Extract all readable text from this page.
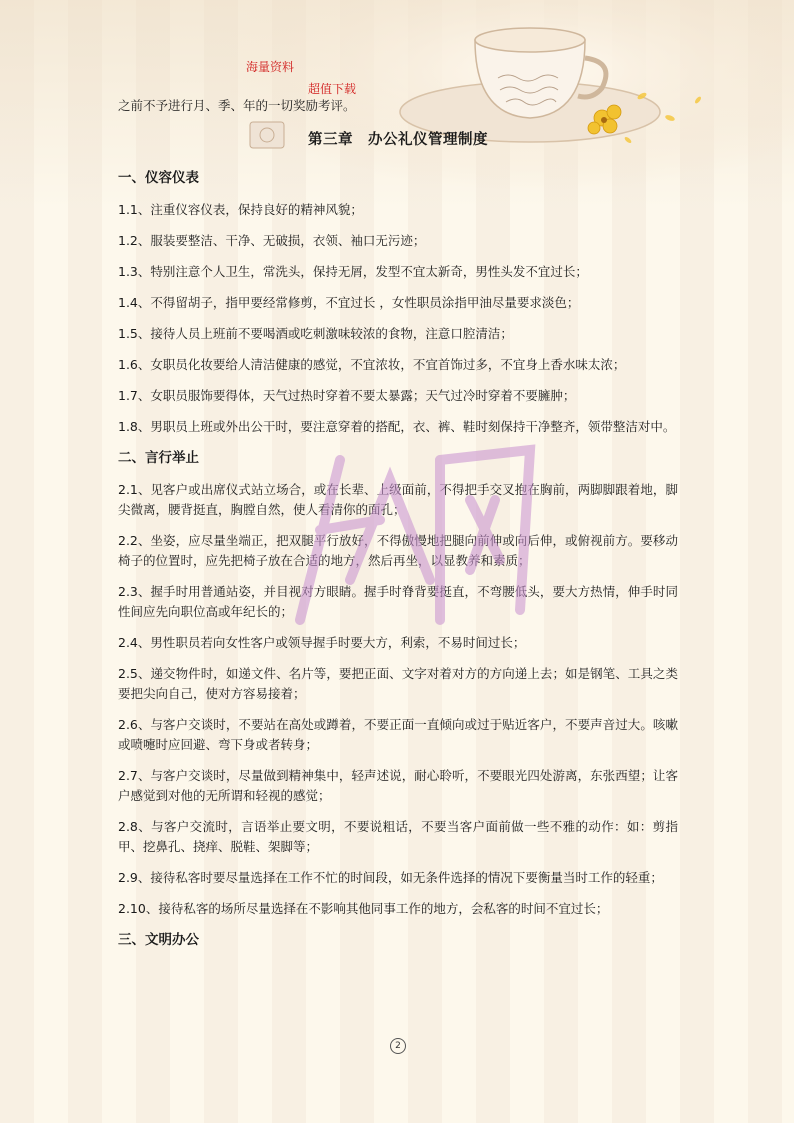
海量资料
超值下载

之前不予进行月、季、年的一切奖励考评。

第三章　办公礼仪管理制度
一、仪容仪表

1.1、注重仪容仪表，保持良好的精神风貌；

1.2、服装要整洁、干净、无破损，衣领、袖口无污迹；

1.3、特别注意个人卫生，常洗头，保持无屑，发型不宜太新奇，男性头发不宜过长；

1.4、不得留胡子，指甲要经常修剪，不宜过长 ，女性职员涂指甲油尽量要求淡色；

1.5、接待人员上班前不要喝酒或吃刺激味较浓的食物，注意口腔清洁；

1.6、女职员化妆要给人清洁健康的感觉，不宜浓妆，不宜首饰过多，不宜身上香水味太浓；

1.7、女职员服饰要得体，天气过热时穿着不要太暴露；天气过冷时穿着不要臃肿；

1.8、男职员上班或外出公干时，要注意穿着的搭配，衣、裤、鞋时刻保持干净整齐，领带整洁对中。

二、言行举止

2.1、见客户或出席仪式站立场合，或在长辈、上级面前，不得把手交叉抱在胸前，两脚脚跟着地，脚尖微离，腰背挺直，胸膛自然，使人看清你的面孔；

2.2、坐姿，应尽量坐端正，把双腿平行放好，不得傲慢地把腿向前伸或向后伸，或俯视前方。要移动椅子的位置时，应先把椅子放在合适的地方，然后再坐，以显教养和素质；

2.3、握手时用普通站姿，并目视对方眼睛。握手时脊背要挺直，不弯腰低头，要大方热情，伸手时同性间应先向职位高或年纪长的；

2.4、男性职员若向女性客户或领导握手时要大方，利索，不易时间过长；

2.5、递交物件时，如递文件、名片等，要把正面、文字对着对方的方向递上去；如是钢笔、工具之类要把尖向自己，使对方容易接着；

2.6、与客户交谈时，不要站在高处或蹲着，不要正面一直倾向或过于贴近客户，不要声音过大。咳嗽或喷嚏时应回避、弯下身或者转身；

2.7、与客户交谈时，尽量做到精神集中，轻声述说，耐心聆听，不要眼光四处游离，东张西望；让客户感觉到对他的无所谓和轻视的感觉；

2.8、与客户交流时，言语举止要文明，不要说粗话，不要当客户面前做一些不雅的动作：如：剪指甲、挖鼻孔、挠痒、脱鞋、架脚等；

2.9、接待私客时要尽量选择在工作不忙的时间段，如无条件选择的情况下要衡量当时工作的轻重；

2.10、接待私客的场所尽量选择在不影响其他同事工作的地方，会私客的时间不宜过长；

三、文明办公
2
